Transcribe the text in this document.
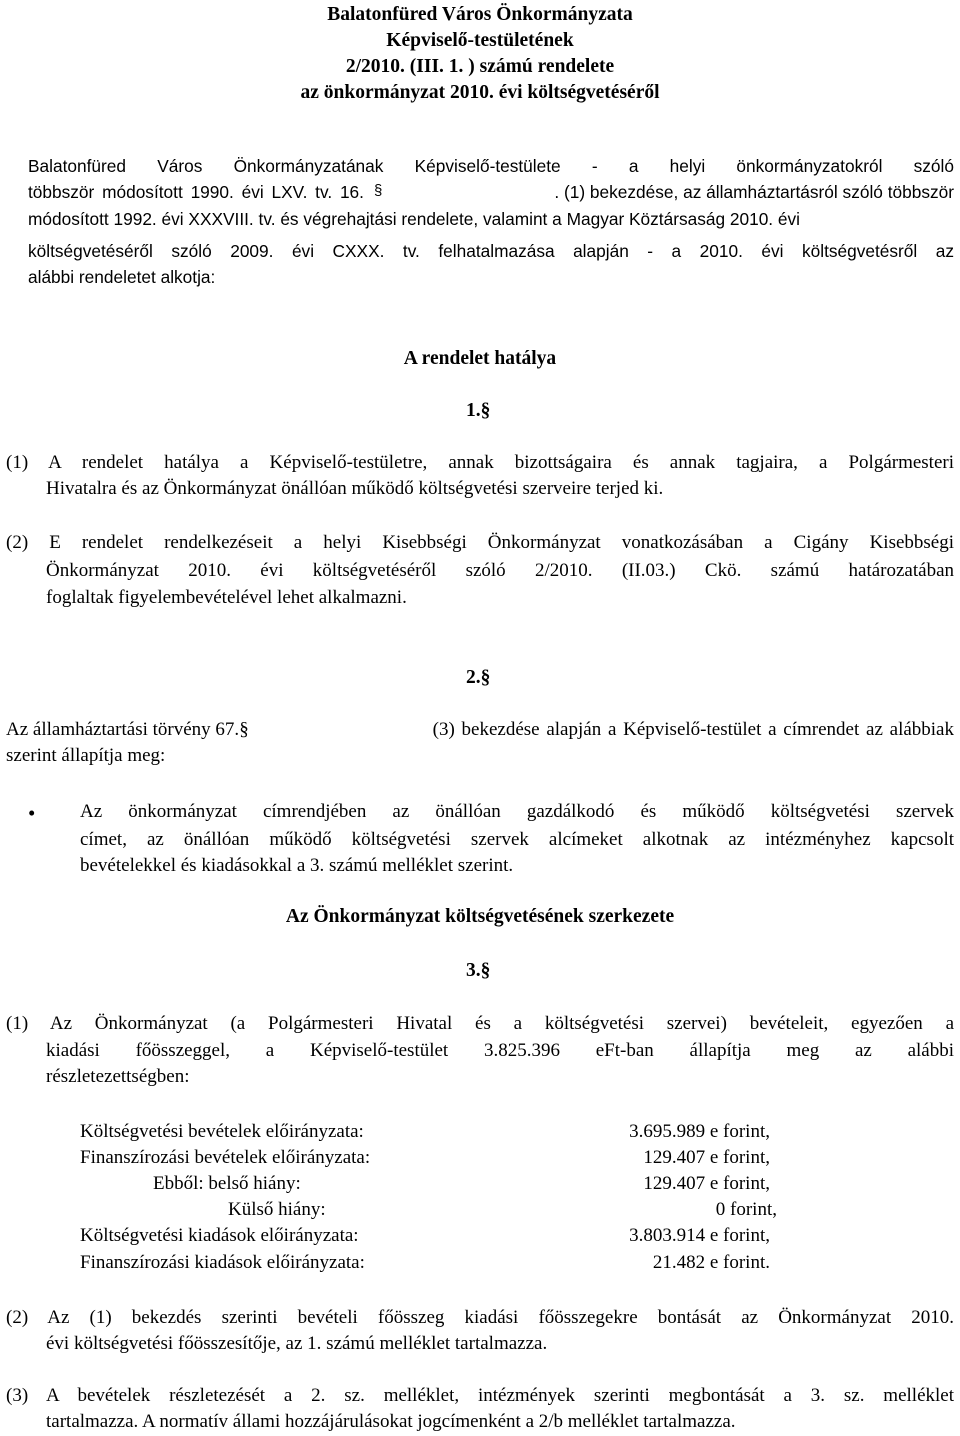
Balatonfüred Város Önkormányzata
Képviselő-testületének
2/2010. (III. 1. ) számú rendelete
az önkormányzat 2010. évi költségvetéséről
Balatonfüred Város Önkormányzatának Képviselő-testülete - a helyi önkormányzatokról szóló
többször módosított 1990. évi LXV. tv. 16.	. (1) bekezdése, az államháztartásról szóló többször
§
módosított 1992. évi XXXVIII. tv. és végrehajtási rendelete, valamint a Magyar Köztársaság 2010. évi
költségvetéséről szóló 2009. évi CXXX. tv. felhatalmazása alapján - a 2010. évi költségvetésről az
alábbi rendeletet alkotja:
A rendelet hatálya
1.§
(1) A rendelet hatálya a Képviselő-testületre, annak bizottságaira és annak tagjaira, a Polgármesteri
Hivatalra és az Önkormányzat önállóan működő költségvetési szerveire terjed ki.
(2) E rendelet rendelkezéseit a helyi Kisebbségi Önkormányzat vonatkozásában a Cigány Kisebbségi
Önkormányzat 2010. évi költségvetéséről szóló 2/2010. (II.03.) Ckö. számú határozatában
foglaltak figyelembevételével lehet alkalmazni.
2.§
Az államháztartási törvény 67.§	(3) bekezdése alapján a Képviselő-testület a címrendet az alábbiak
szerint állapítja meg:
• Az önkormányzat címrendjében az önállóan gazdálkodó és működő költségvetési szervek
címet, az önállóan működő költségvetési szervek alcímeket alkotnak az intézményhez kapcsolt
bevételekkel és kiadásokkal a 3. számú melléklet szerint.
Az Önkormányzat költségvetésének szerkezete
3.§
(1) Az Önkormányzat (a Polgármesteri Hivatal és a költségvetési szervei) bevételeit, egyezően a
kiadási főösszeggel, a Képviselő-testület 3.825.396 eFt-ban állapítja meg az alábbi
részletezettségben:
Költségvetési bevételek előirányzata:	3.695.989 e forint,
Finanszírozási bevételek előirányzata:	129.407 e forint,
Ebből: belső hiány:	129.407 e forint,
Külső hiány:	0 forint,
Költségvetési kiadások előirányzata:	3.803.914 e forint,
Finanszírozási kiadások előirányzata:	21.482 e forint.
(2) Az (1) bekezdés szerinti bevételi főösszeg kiadási főösszegekre bontását az Önkormányzat 2010.
évi költségvetési főösszesítője, az 1. számú melléklet tartalmazza.
(3) A bevételek részletezését a 2. sz. melléklet, intézmények szerinti megbontását a 3. sz. melléklet
tartalmazza. A normatív állami hozzájárulásokat jogcímenként a 2/b melléklet tartalmazza.
